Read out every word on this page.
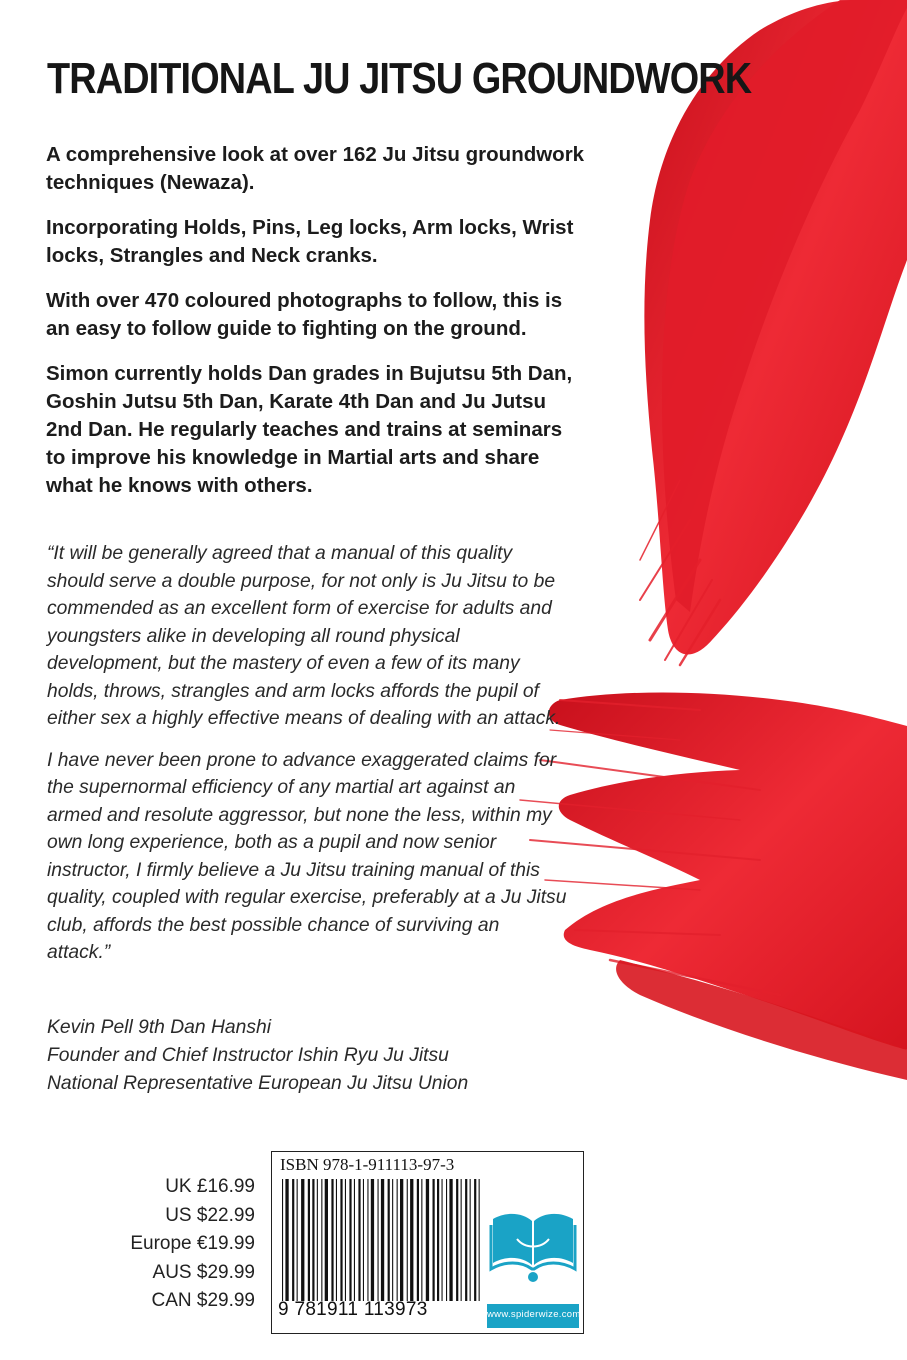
TRADITIONAL JU JITSU GROUNDWORK

A comprehensive look at over 162 Ju Jitsu groundwork techniques (Newaza).

Incorporating Holds, Pins, Leg locks, Arm locks, Wrist locks, Strangles and Neck cranks.

With over 470 coloured photographs to follow, this is an easy to follow guide to fighting on the ground.

Simon currently holds Dan grades in Bujutsu 5th Dan, Goshin Jutsu 5th Dan, Karate 4th Dan and Ju Jutsu 2nd Dan. He regularly teaches and trains at seminars to improve his knowledge in Martial arts and share what he knows with others.

“It will be generally agreed that a manual of this quality should serve a double purpose, for not only is Ju Jitsu to be commended as an excellent form of exercise for adults and youngsters alike in developing all round physical development, but the mastery of even a few of its many holds, throws, strangles and arm locks affords the pupil of either sex a highly effective means of dealing with an attack.

I have never been prone to advance exaggerated claims for the supernormal efficiency of any martial art against an armed and resolute aggressor, but none the less, within my own long experience, both as a pupil and now senior instructor, I firmly believe a Ju Jitsu training manual of this quality, coupled with regular exercise, preferably at a Ju Jitsu club, affords the best possible chance of surviving an attack.”

Kevin Pell 9th Dan Hanshi
Founder and Chief Instructor Ishin Ryu Ju Jitsu
National Representative European Ju Jitsu Union
UK £16.99
US $22.99
Europe €19.99
AUS $29.99
CAN $29.99
ISBN 978-1-911113-97-3
9 781911 113973	www.spiderwize.com
